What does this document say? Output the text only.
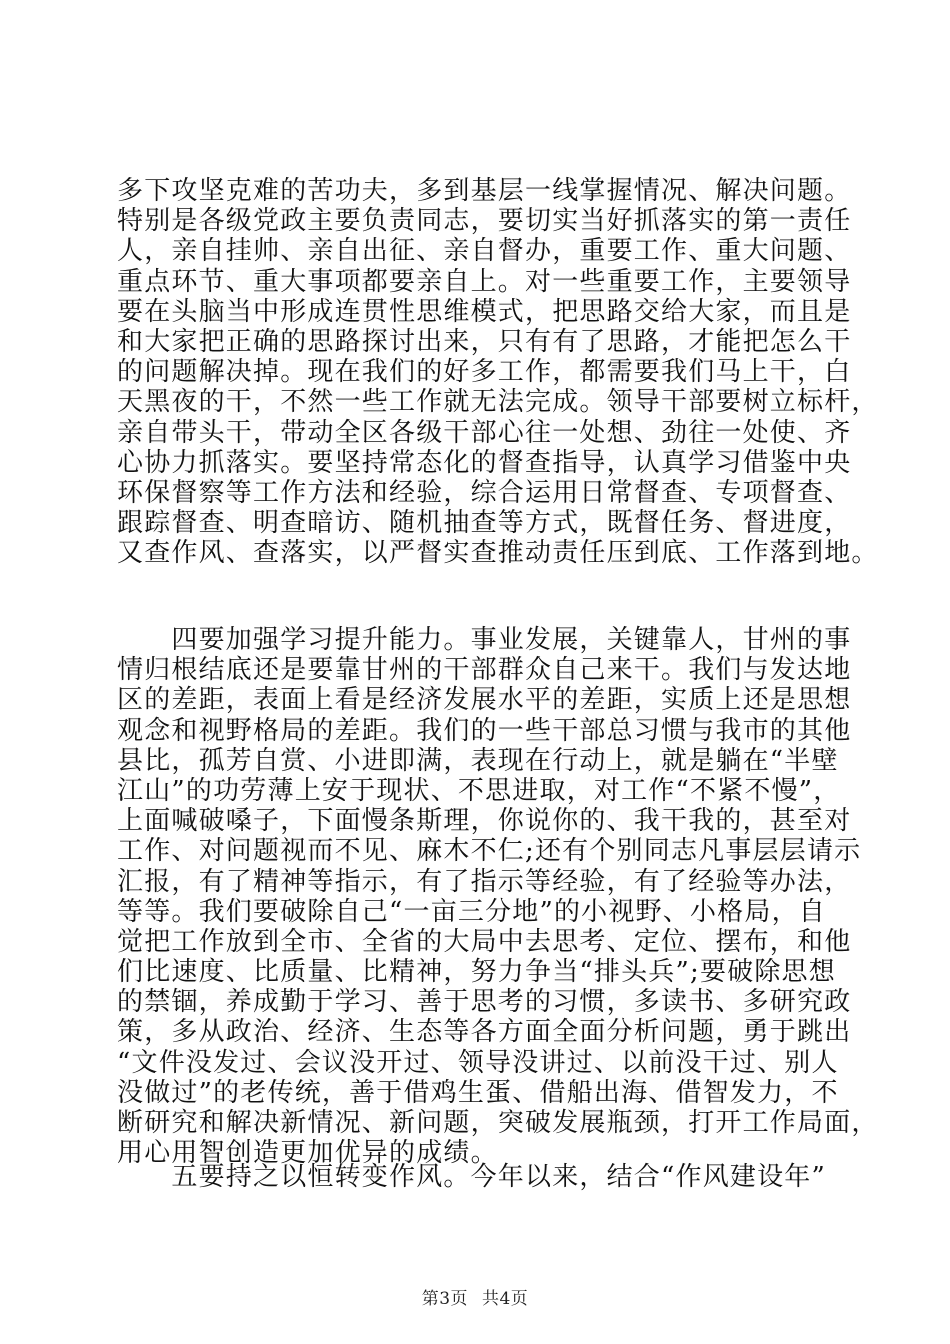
多下攻坚克难的苦功夫，多到基层一线掌握情况、解决问题。
特别是各级党政主要负责同志，要切实当好抓落实的第一责任
人，亲自挂帅、亲自出征、亲自督办，重要工作、重大问题、
重点环节、重大事项都要亲自上。对一些重要工作，主要领导
要在头脑当中形成连贯性思维模式，把思路交给大家，而且是
和大家把正确的思路探讨出来，只有有了思路，才能把怎么干
的问题解决掉。现在我们的好多工作，都需要我们马上干，白
天黑夜的干，不然一些工作就无法完成。领导干部要树立标杆，
亲自带头干，带动全区各级干部心往一处想、劲往一处使、齐
心协力抓落实。要坚持常态化的督查指导，认真学习借鉴中央
环保督察等工作方法和经验，综合运用日常督查、专项督查、
跟踪督查、明查暗访、随机抽查等方式，既督任务、督进度，
又查作风、查落实，以严督实查推动责任压到底、工作落到地。
　　四要加强学习提升能力。事业发展，关键靠人，甘州的事
情归根结底还是要靠甘州的干部群众自己来干。我们与发达地
区的差距，表面上看是经济发展水平的差距，实质上还是思想
观念和视野格局的差距。我们的一些干部总习惯与我市的其他
县比，孤芳自赏、小进即满，表现在行动上，就是躺在“半壁
江山”的功劳薄上安于现状、不思进取，对工作“不紧不慢”，
上面喊破嗓子，下面慢条斯理，你说你的、我干我的，甚至对
工作、对问题视而不见、麻木不仁;还有个别同志凡事层层请示
汇报，有了精神等指示，有了指示等经验，有了经验等办法，
等等。我们要破除自己“一亩三分地”的小视野、小格局，自
觉把工作放到全市、全省的大局中去思考、定位、摆布，和他
们比速度、比质量、比精神，努力争当“排头兵”;要破除思想
的禁锢，养成勤于学习、善于思考的习惯，多读书、多研究政
策，多从政治、经济、生态等各方面全面分析问题，勇于跳出
“文件没发过、会议没开过、领导没讲过、以前没干过、别人
没做过”的老传统，善于借鸡生蛋、借船出海、借智发力，不
断研究和解决新情况、新问题，突破发展瓶颈，打开工作局面，
用心用智创造更加优异的成绩。
　　五要持之以恒转变作风。今年以来，结合“作风建设年”
第3页 共4页
